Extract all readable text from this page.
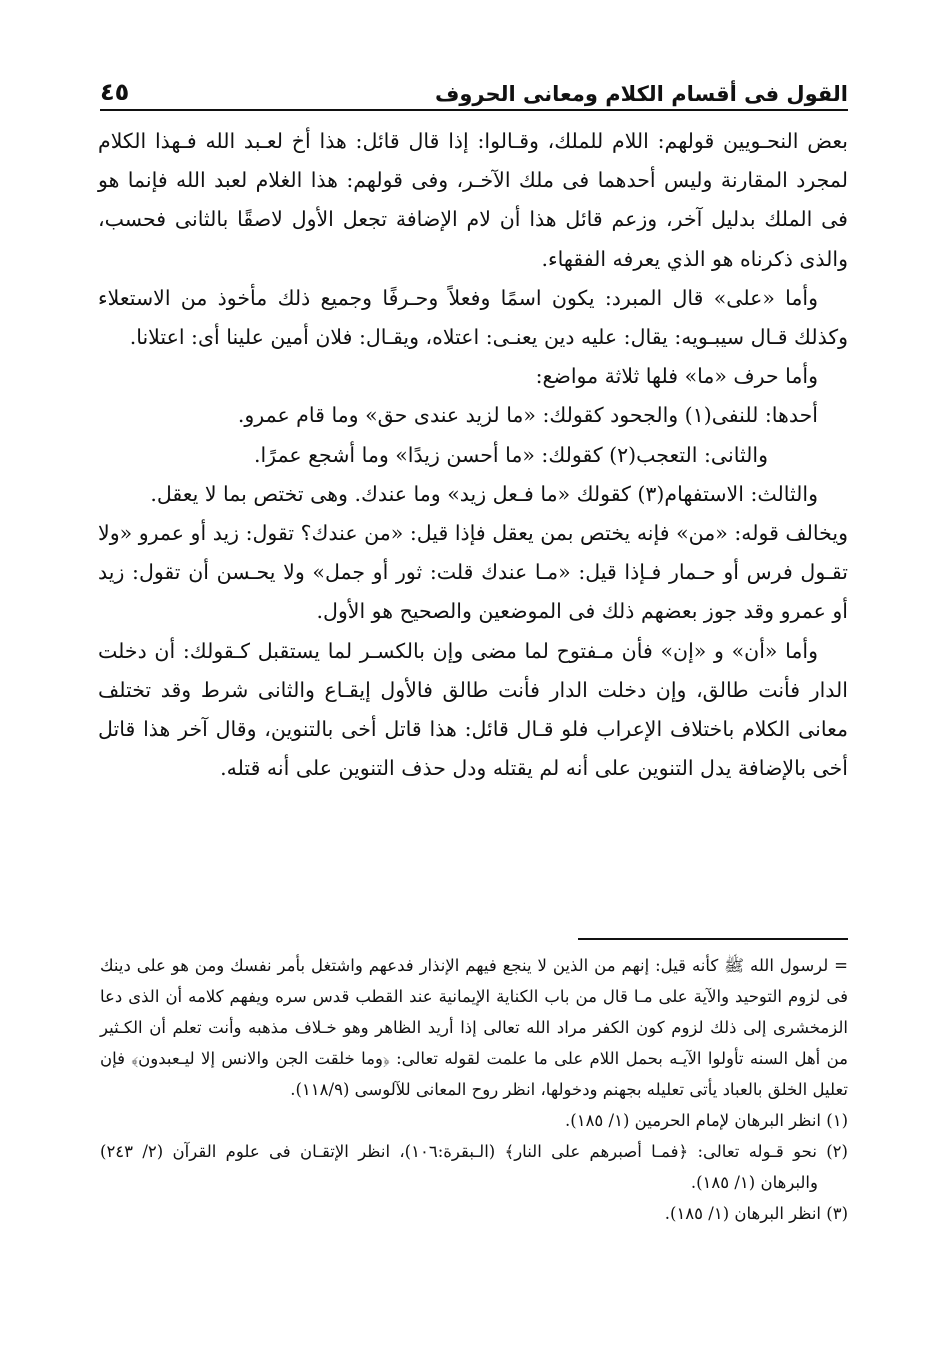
القول فى أقسام الكلام ومعانى الحروف
٤٥

بعض النحـويين قولهم: اللام للملك، وقـالوا: إذا قال قائل: هذا أخ لعـبد الله فـهذا الكلام لمجرد المقارنة وليس أحدهما فى ملك الآخـر، وفى قولهم: هذا الغلام لعبد الله فإنما هو فى الملك بدليل آخر، وزعم قائل هذا أن لام الإضافة تجعل الأول لاصقًا بالثانى فحسب، والذى ذكرناه هو الذي يعرفه الفقهاء.

وأما «على» قال المبرد: يكون اسمًا وفعلاً وحـرفًا وجميع ذلك مأخوذ من الاستعلاء وكذلك قـال سيبـويه: يقال: عليه دين يعنـى: اعتلاه، ويقـال: فلان أمين علينا أى: اعتلانا.

وأما حرف «ما» فلها ثلاثة مواضع:

أحدها: للنفى(١) والجحود كقولك: «ما لزيد عندى حق» وما قام عمرو.

والثانى: التعجب(٢) كقولك: «ما أحسن زيدًا» وما أشجع عمرًا.

والثالث: الاستفهام(٣) كقولك «ما فـعل زيد» وما عندك. وهى تختص بما لا يعقل.

ويخالف قوله: «من» فإنه يختص بمن يعقل فإذا قيل: «من عندك؟ تقول: زيد أو عمرو «ولا تقـول فرس أو حـمار فـإذا قيل: «مـا عندك قلت: ثور أو جمل» ولا يحـسن أن تقول: زيد أو عمرو وقد جوز بعضهم ذلك فى الموضعين والصحيح هو الأول.

وأما «أن» و «إن» فأن مـفتوح لما مضى وإن بالكسـر لما يستقبل كـقولك: أن دخلت الدار فأنت طالق، وإن دخلت الدار فأنت طالق فالأول إيقـاع والثانى شرط وقد تختلف معانى الكلام باختلاف الإعراب فلو قـال قائل: هذا قاتل أخى بالتنوين، وقال آخر هذا قاتل أخى بالإضافة يدل التنوين على أنه لم يقتله ودل حذف التنوين على أنه قتله.

= لرسول الله ﷺ كأنه قيل: إنهم من الذين لا ينجع فيهم الإنذار فدعهم واشتغل بأمر نفسك ومن هو على دينك فى لزوم التوحيد والآية على مـا قال من باب الكناية الإيمانية عند القطب قدس سره ويفهم كلامه أن الذى دعا الزمخشرى إلى ذلك لزوم كون الكفر مراد الله تعالى إذا أريد الظاهر وهو خـلاف مذهبه وأنت تعلم أن الكـثير من أهل السنه تأولوا الآيـه بحمل اللام على ما علمت لقوله تعالى: ﴿وما خلقت الجن والانس إلا ليـعبدون﴾ فإن تعليل الخلق بالعباد يأتى تعليله بجهنم ودخولها، انظر روح المعانى للآلوسى (١١٨/٩).

(١) انظر البرهان لإمام الحرمين (١/ ١٨٥).

(٢) نحو قـوله تعالى: ﴿فمـا أصبرهم على النار﴾ (الـبقرة:١٠٦)، انظر الإتقـان فى علوم القرآن (٢/ ٢٤٣) والبرهان (١/ ١٨٥).

(٣) انظر البرهان (١/ ١٨٥).
